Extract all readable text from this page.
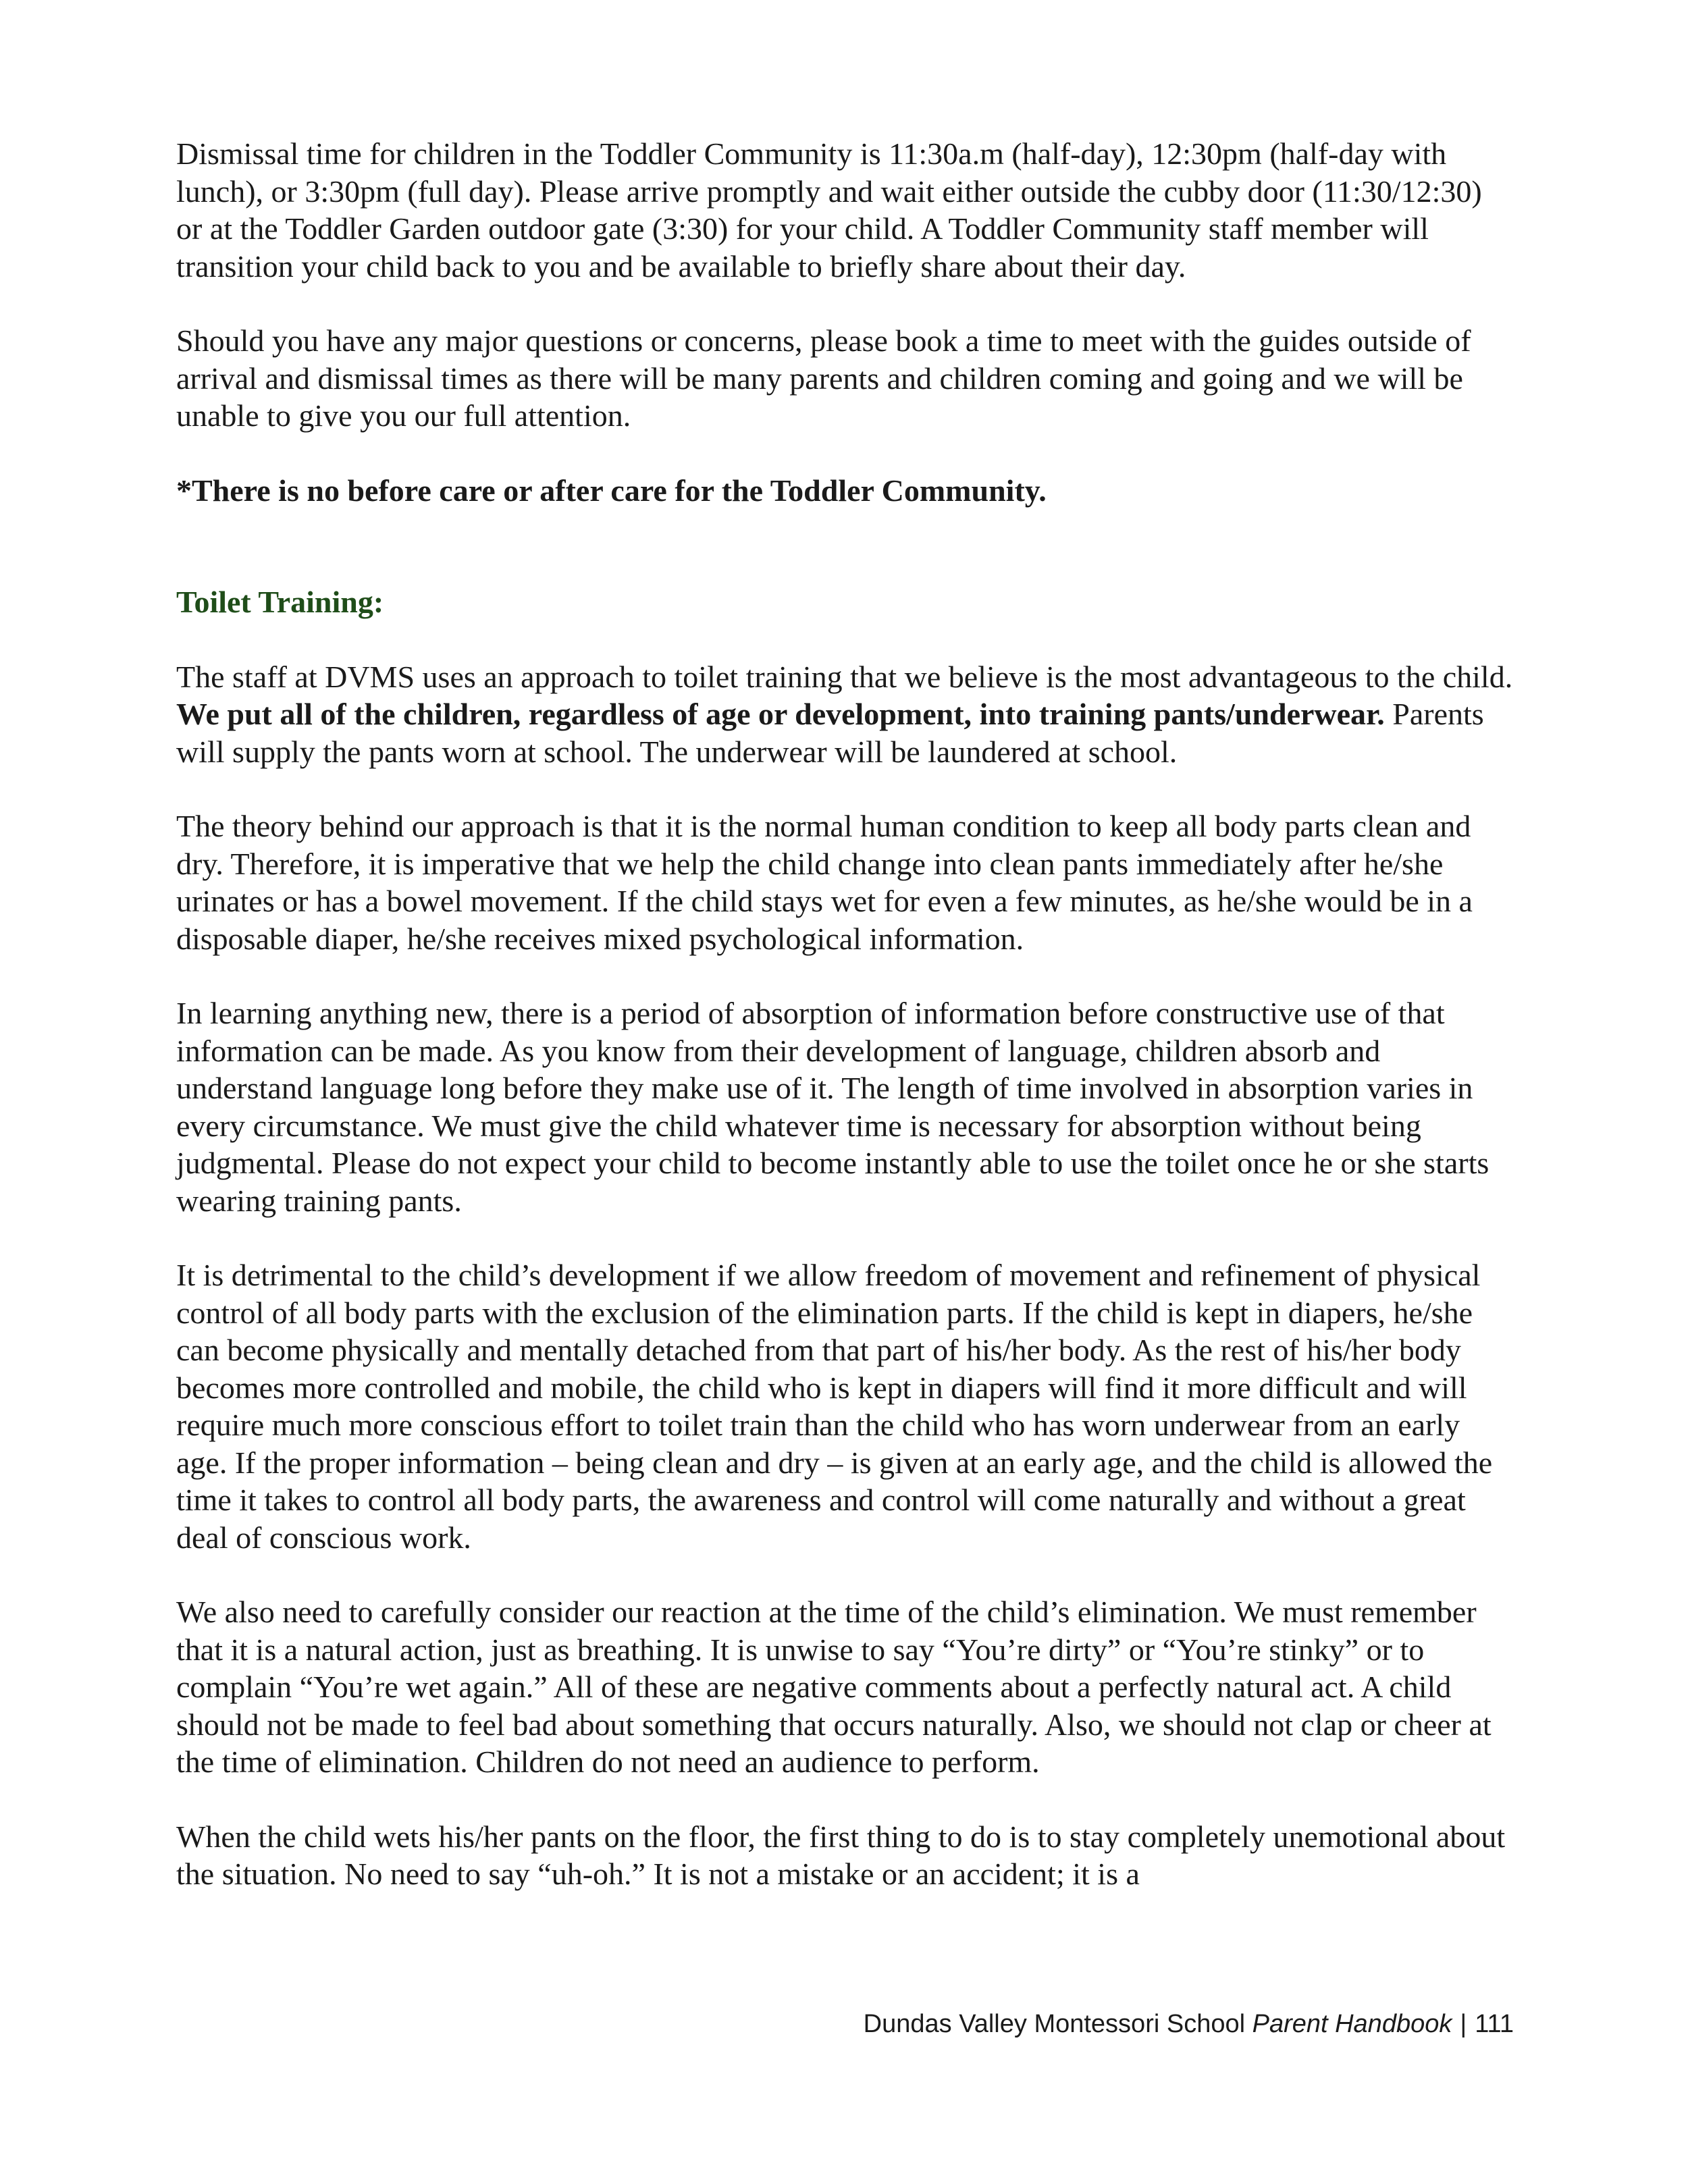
Dismissal time for children in the Toddler Community is 11:30a.m (half-day), 12:30pm (half-day with lunch), or 3:30pm (full day). Please arrive promptly and wait either outside the cubby door (11:30/12:30) or at the Toddler Garden outdoor gate (3:30) for your child. A Toddler Community staff member will transition your child back to you and be available to briefly share about their day.

Should you have any major questions or concerns, please book a time to meet with the guides outside of arrival and dismissal times as there will be many parents and children coming and going and we will be unable to give you our full attention.

*There is no before care or after care for the Toddler Community.

Toilet Training:

The staff at DVMS uses an approach to toilet training that we believe is the most advantageous to the child. We put all of the children, regardless of age or development, into training pants/underwear. Parents will supply the pants worn at school. The underwear will be laundered at school.

The theory behind our approach is that it is the normal human condition to keep all body parts clean and dry. Therefore, it is imperative that we help the child change into clean pants immediately after he/she urinates or has a bowel movement. If the child stays wet for even a few minutes, as he/she would be in a disposable diaper, he/she receives mixed psychological information.

In learning anything new, there is a period of absorption of information before constructive use of that information can be made. As you know from their development of language, children absorb and understand language long before they make use of it. The length of time involved in absorption varies in every circumstance. We must give the child whatever time is necessary for absorption without being judgmental. Please do not expect your child to become instantly able to use the toilet once he or she starts wearing training pants.

It is detrimental to the child’s development if we allow freedom of movement and refinement of physical control of all body parts with the exclusion of the elimination parts. If the child is kept in diapers, he/she can become physically and mentally detached from that part of his/her body. As the rest of his/her body becomes more controlled and mobile, the child who is kept in diapers will find it more difficult and will require much more conscious effort to toilet train than the child who has worn underwear from an early age. If the proper information – being clean and dry – is given at an early age, and the child is allowed the time it takes to control all body parts, the awareness and control will come naturally and without a great deal of conscious work.

We also need to carefully consider our reaction at the time of the child’s elimination. We must remember that it is a natural action, just as breathing. It is unwise to say “You’re dirty” or “You’re stinky” or to complain “You’re wet again.” All of these are negative comments about a perfectly natural act. A child should not be made to feel bad about something that occurs naturally. Also, we should not clap or cheer at the time of elimination. Children do not need an audience to perform.

When the child wets his/her pants on the floor, the first thing to do is to stay completely unemotional about the situation. No need to say “uh-oh.” It is not a mistake or an accident; it is a

Dundas Valley Montessori School Parent Handbook | 111
